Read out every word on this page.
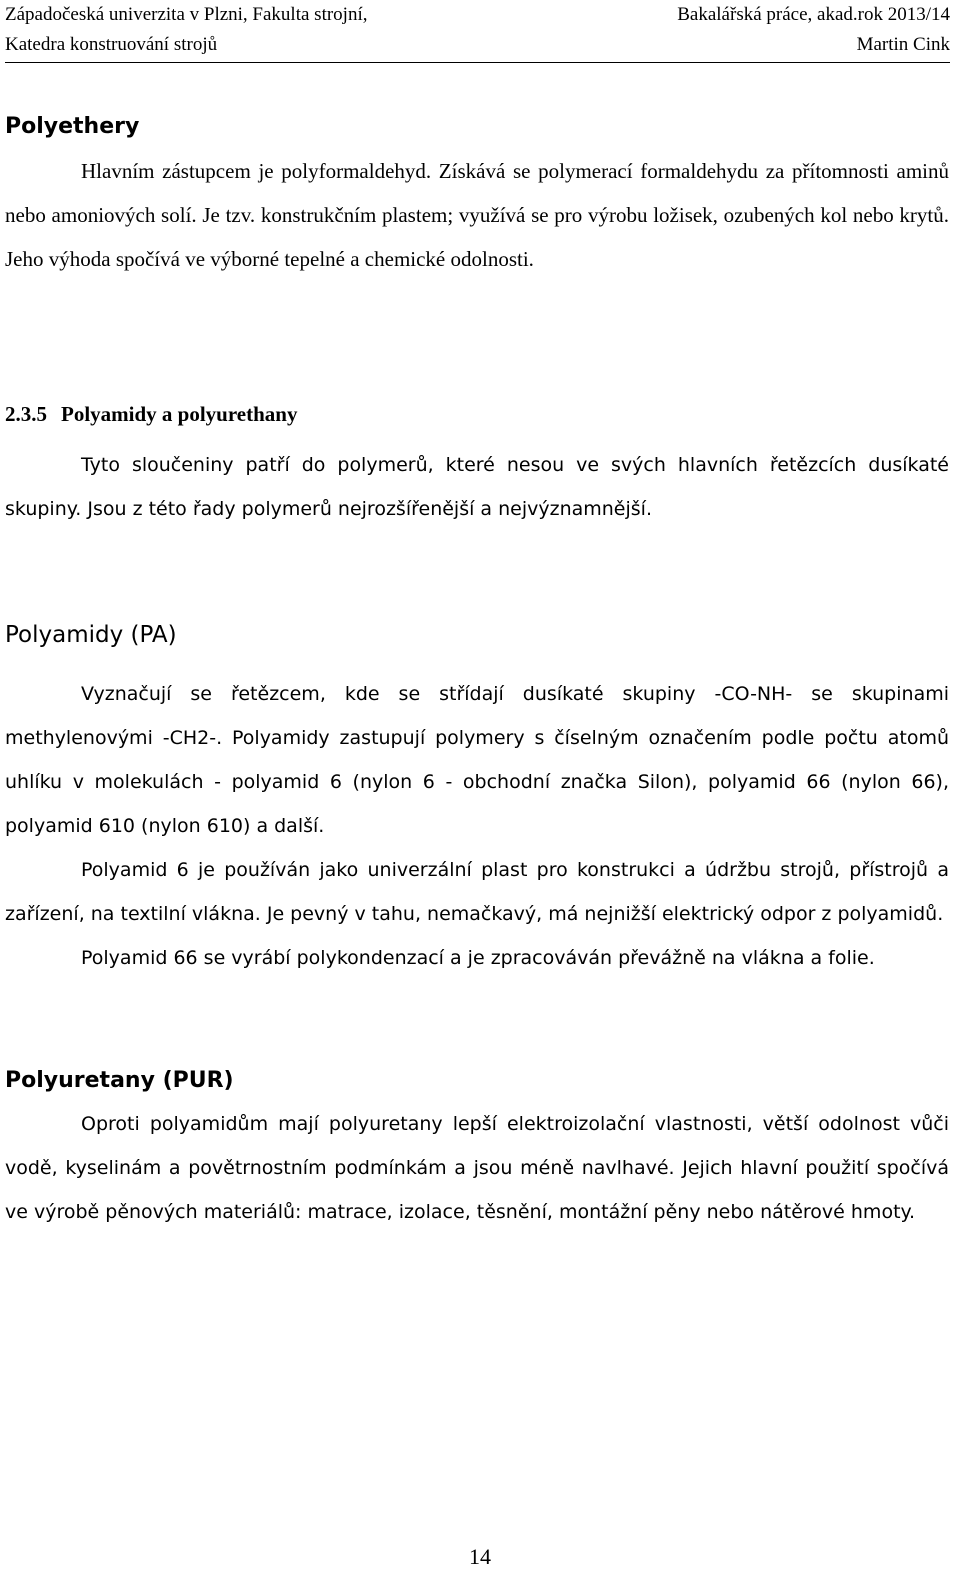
Západočeská univerzita v Plzni, Fakulta strojní,	Bakalářská práce, akad.rok 2013/14
Katedra konstruování strojů	Martin Cink
Polyethery

Hlavním zástupcem je polyformaldehyd. Získává se polymerací formaldehydu za přítomnosti aminů nebo amoniových solí. Je tzv. konstrukčním plastem; využívá se pro výrobu ložisek, ozubených kol nebo krytů. Jeho výhoda spočívá ve výborné tepelné a chemické odolnosti.

2.3.5 Polyamidy a polyurethany

Tyto sloučeniny patří do polymerů, které nesou ve svých hlavních řetězcích dusíkaté skupiny. Jsou z této řady polymerů nejrozšířenější a nejvýznamnější.

Polyamidy (PA)

Vyznačují se řetězcem, kde se střídají dusíkaté skupiny -CO-NH- se skupinami methylenovými -CH2-. Polyamidy zastupují polymery s číselným označením podle počtu atomů uhlíku v molekulách - polyamid 6 (nylon 6 - obchodní značka Silon), polyamid 66 (nylon 66), polyamid 610 (nylon 610) a další.

Polyamid 6 je používán jako univerzální plast pro konstrukci a údržbu strojů, přístrojů a zařízení, na textilní vlákna. Je pevný v tahu, nemačkavý, má nejnižší elektrický odpor z polyamidů.

Polyamid 66 se vyrábí polykondenzací a je zpracováván převážně na vlákna a folie.

Polyuretany (PUR)

Oproti polyamidům mají polyuretany lepší elektroizolační vlastnosti, větší odolnost vůči vodě, kyselinám a povětrnostním podmínkám a jsou méně navlhavé. Jejich hlavní použití spočívá ve výrobě pěnových materiálů: matrace, izolace, těsnění, montážní pěny nebo nátěrové hmoty.

14
